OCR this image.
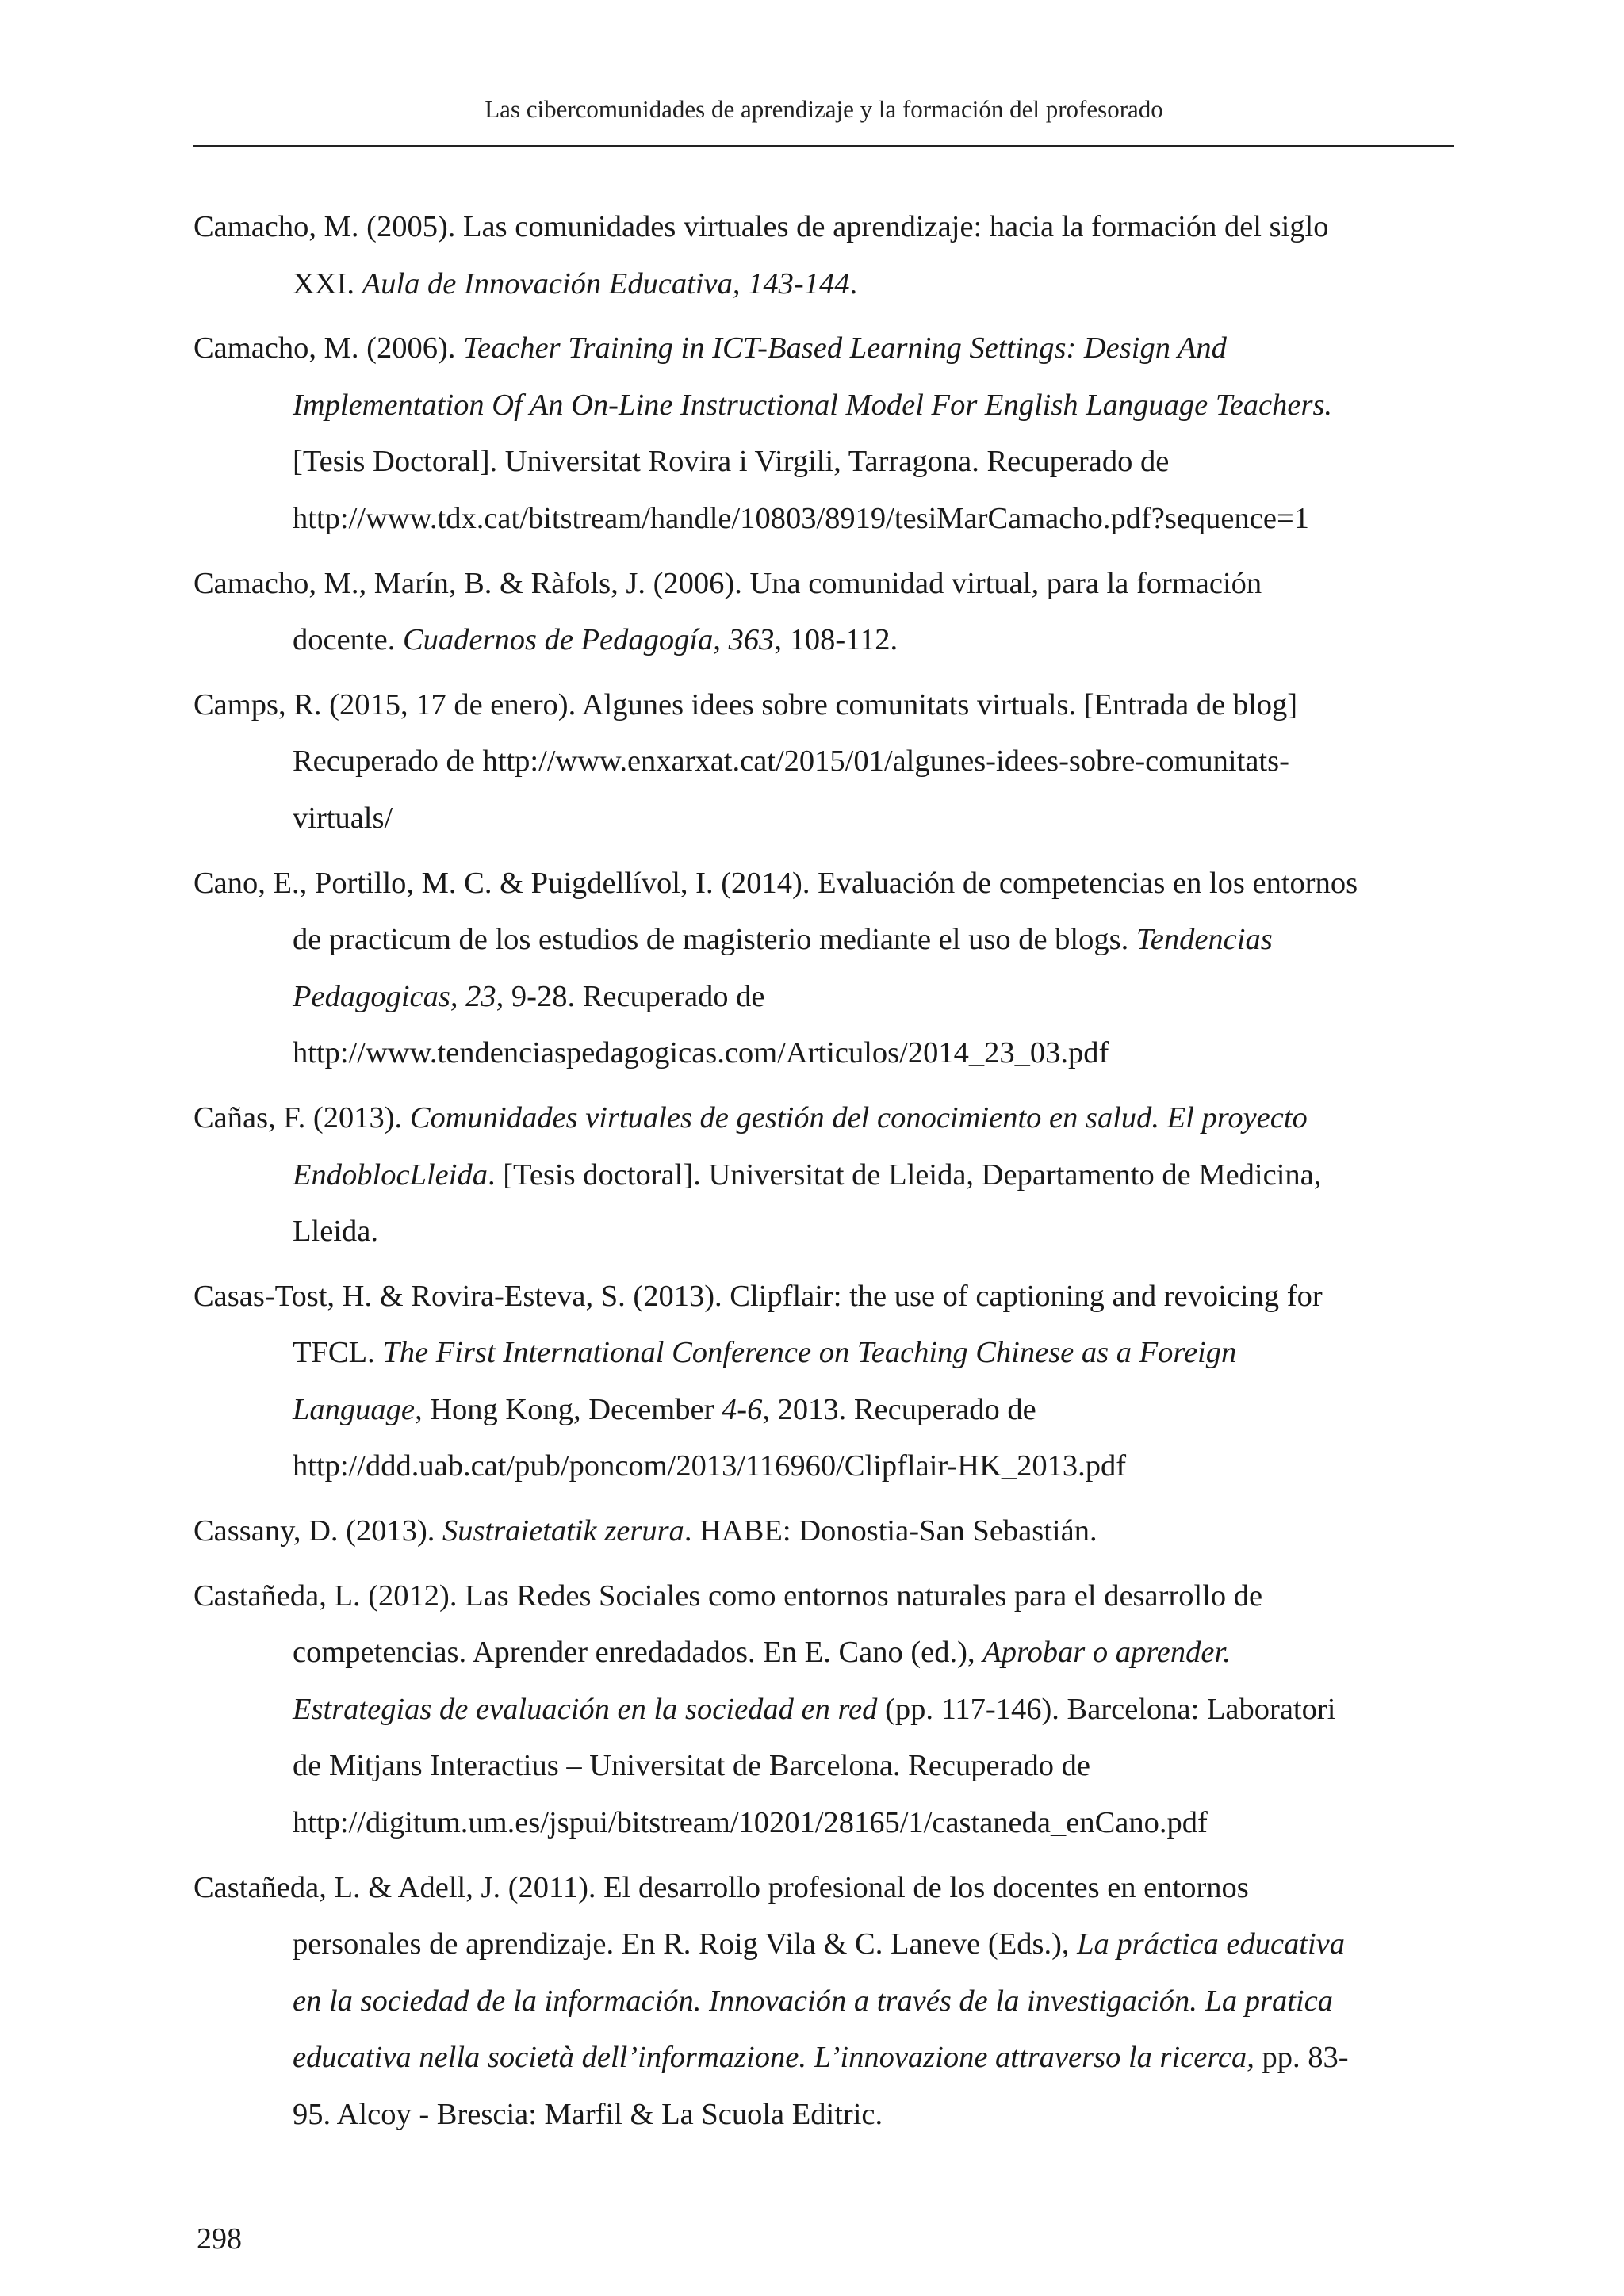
Las cibercomunidades de aprendizaje y la formación del profesorado
Camacho, M. (2005). Las comunidades virtuales de aprendizaje: hacia la formación del siglo
XXI. Aula de Innovación Educativa, 143-144.
Camacho, M. (2006). Teacher Training in ICT-Based Learning Settings: Design And
Implementation Of An On-Line Instructional Model For English Language Teachers.
[Tesis Doctoral]. Universitat Rovira i Virgili, Tarragona. Recuperado de
http://www.tdx.cat/bitstream/handle/10803/8919/tesiMarCamacho.pdf?sequence=1
Camacho, M., Marín, B. & Ràfols, J. (2006). Una comunidad virtual, para la formación
docente. Cuadernos de Pedagogía, 363, 108-112.
Camps, R. (2015, 17 de enero). Algunes idees sobre comunitats virtuals. [Entrada de blog]
Recuperado de http://www.enxarxat.cat/2015/01/algunes-idees-sobre-comunitats-
virtuals/
Cano, E., Portillo, M. C. & Puigdellívol, I. (2014). Evaluación de competencias en los entornos
de practicum de los estudios de magisterio mediante el uso de blogs. Tendencias
Pedagogicas, 23, 9-28. Recuperado de
http://www.tendenciaspedagogicas.com/Articulos/2014_23_03.pdf
Cañas, F. (2013). Comunidades virtuales de gestión del conocimiento en salud. El proyecto
EndoblocLleida. [Tesis doctoral]. Universitat de Lleida, Departamento de Medicina,
Lleida.
Casas-Tost, H. & Rovira-Esteva, S. (2013). Clipflair: the use of captioning and revoicing for
TFCL. The First International Conference on Teaching Chinese as a Foreign
Language, Hong Kong, December 4-6, 2013. Recuperado de
http://ddd.uab.cat/pub/poncom/2013/116960/Clipflair-HK_2013.pdf
Cassany, D. (2013). Sustraietatik zerura. HABE: Donostia-San Sebastián.
Castañeda, L. (2012). Las Redes Sociales como entornos naturales para el desarrollo de
competencias. Aprender enredadados. En E. Cano (ed.), Aprobar o aprender.
Estrategias de evaluación en la sociedad en red (pp. 117-146). Barcelona: Laboratori
de Mitjans Interactius – Universitat de Barcelona. Recuperado de
http://digitum.um.es/jspui/bitstream/10201/28165/1/castaneda_enCano.pdf
Castañeda, L. & Adell, J. (2011). El desarrollo profesional de los docentes en entornos
personales de aprendizaje. En R. Roig Vila & C. Laneve (Eds.), La práctica educativa
en la sociedad de la información. Innovación a través de la investigación. La pratica
educativa nella società dell’informazione. L’innovazione attraverso la ricerca, pp. 83-
95. Alcoy - Brescia: Marfil & La Scuola Editric.
298
